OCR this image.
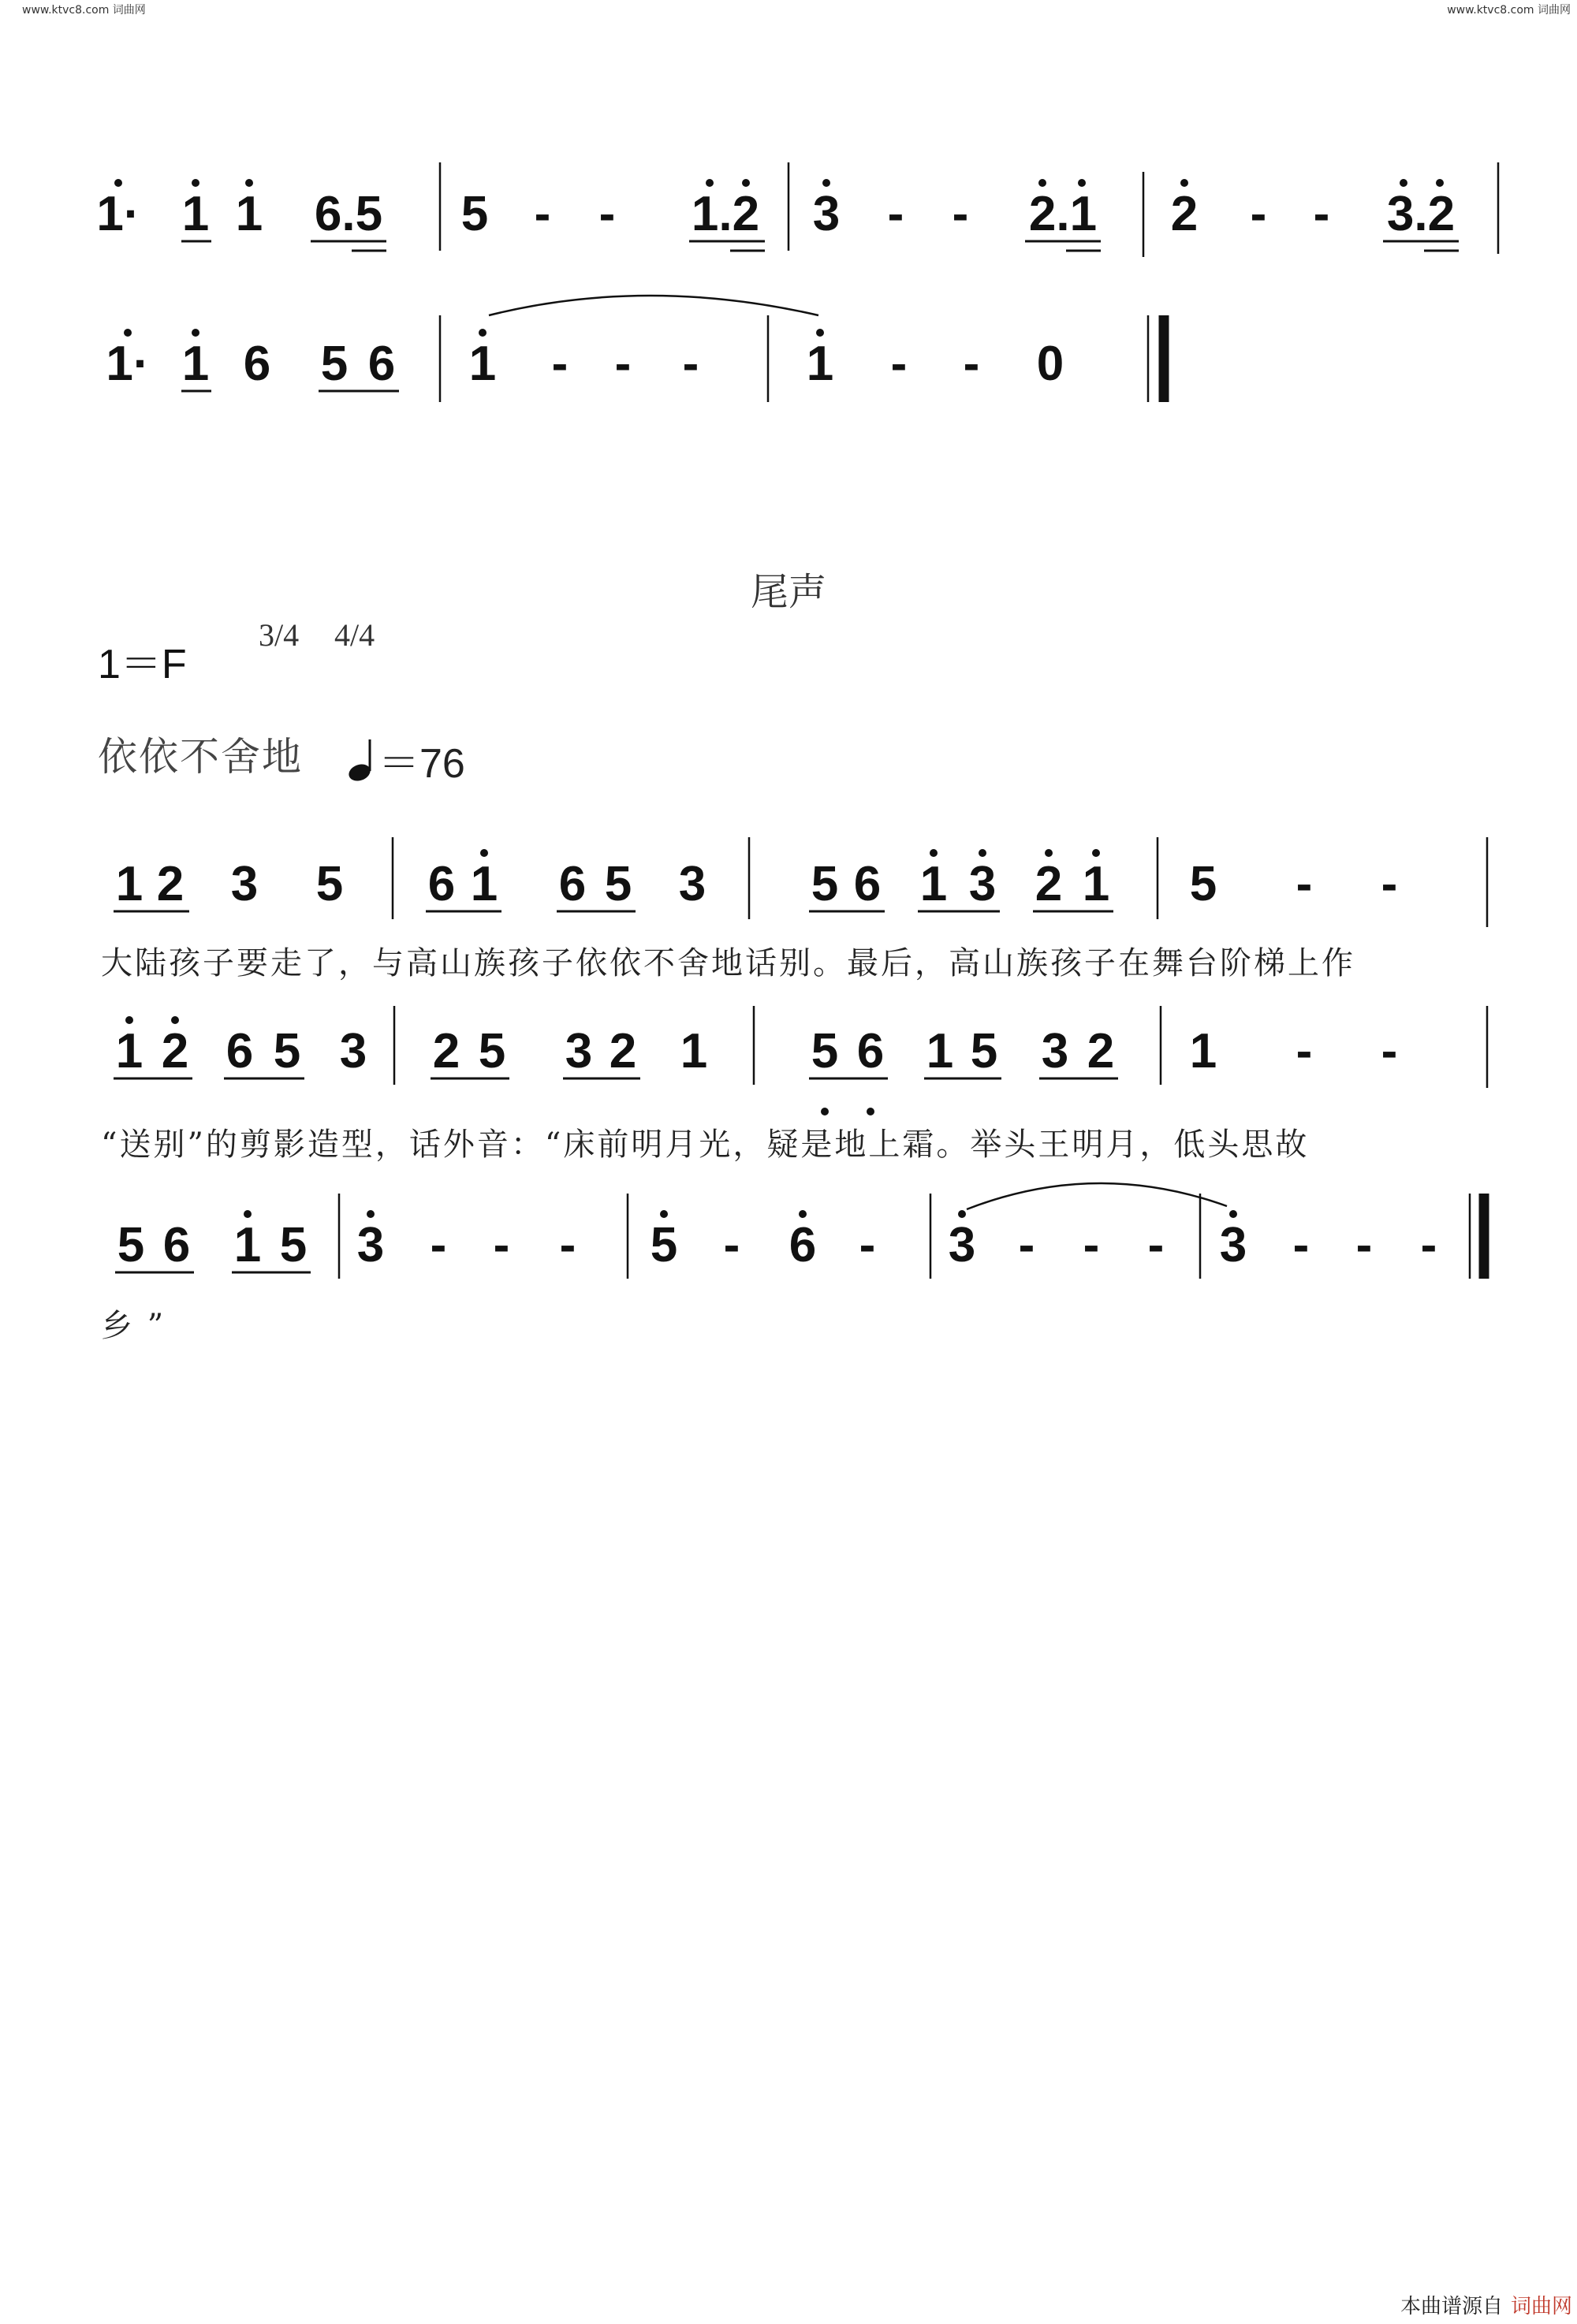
www.ktvc8.com 词曲网	www.ktvc8.com 词曲网
1· 1 1 6.5 5 - - 1.2 3 - - 2.1 2 - - 3.2
1· 1 6 5 6 1 - - - 1 - - 0
1 2 3 5 6 1 6 5 3 5 6 1 3 2 1 5 - -
1 2 6 5 3 2 5 3 2 1 5 6 1 5 3 2 1 - -
5 6 1 5 3 - - - 5 - 6 - 3 - - - 3 - - -
尾声
1＝F
3/4 4/4
依依不舍地	＝76
大陆孩子要走了，与高山族孩子依依不舍地话别。最后，高山族孩子在舞台阶梯上作
“送别”的剪影造型，话外音：“床前明月光，疑是地上霜。举头王明月，低头思故
乡 ”
本曲谱源自 词曲网
